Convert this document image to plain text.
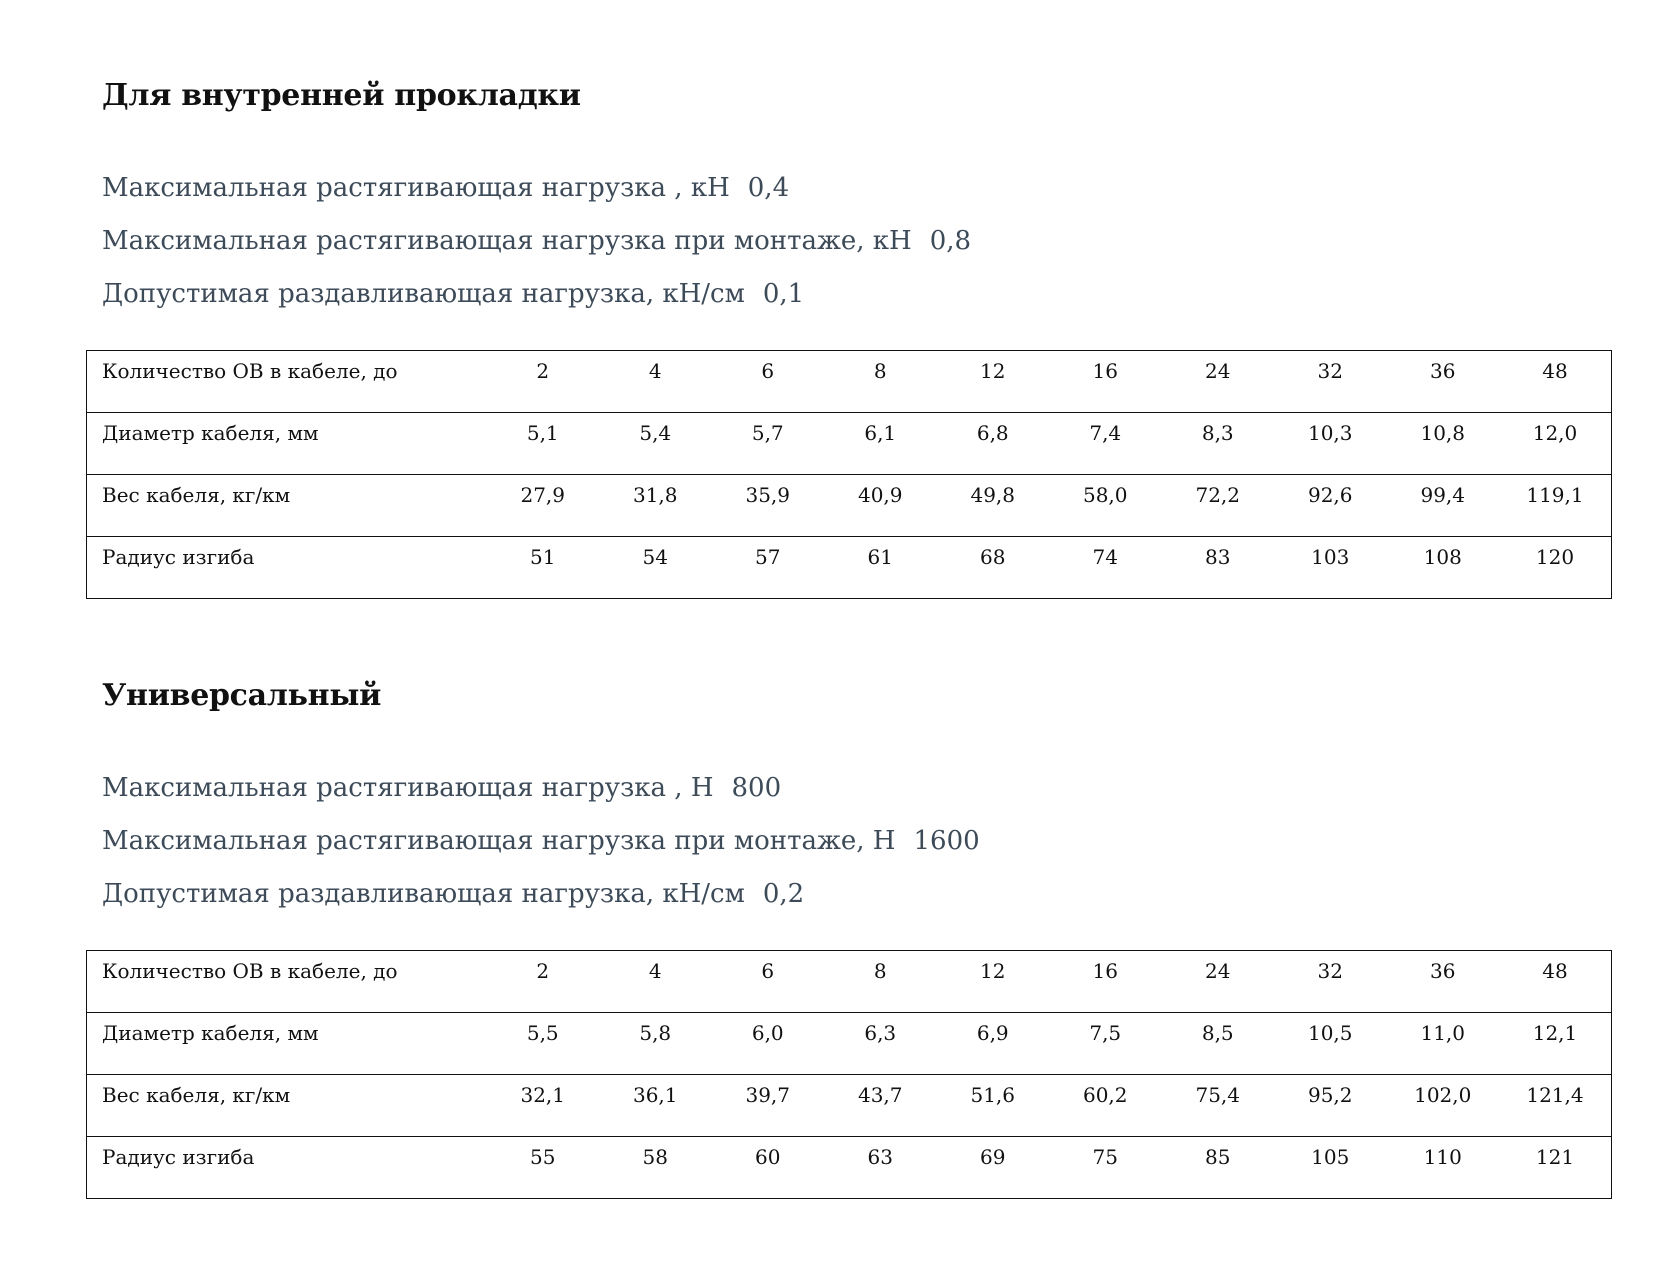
Для внутренней прокладки
Максимальная растягивающая нагрузка , кН 0,4
Максимальная растягивающая нагрузка при монтаже, кН 0,8
Допустимая раздавливающая нагрузка, кН/см 0,1
Количество ОВ в кабеле, до	2	4	6	8	12	16	24	32	36	48
Диаметр кабеля, мм	5,1	5,4	5,7	6,1	6,8	7,4	8,3	10,3	10,8	12,0
Вес кабеля, кг/км	27,9	31,8	35,9	40,9	49,8	58,0	72,2	92,6	99,4	119,1
Радиус изгиба	51	54	57	61	68	74	83	103	108	120
Универсальный
Максимальная растягивающая нагрузка , Н 800
Максимальная растягивающая нагрузка при монтаже, Н 1600
Допустимая раздавливающая нагрузка, кН/см 0,2
Количество ОВ в кабеле, до	2	4	6	8	12	16	24	32	36	48
Диаметр кабеля, мм	5,5	5,8	6,0	6,3	6,9	7,5	8,5	10,5	11,0	12,1
Вес кабеля, кг/км	32,1	36,1	39,7	43,7	51,6	60,2	75,4	95,2	102,0	121,4
Радиус изгиба	55	58	60	63	69	75	85	105	110	121
